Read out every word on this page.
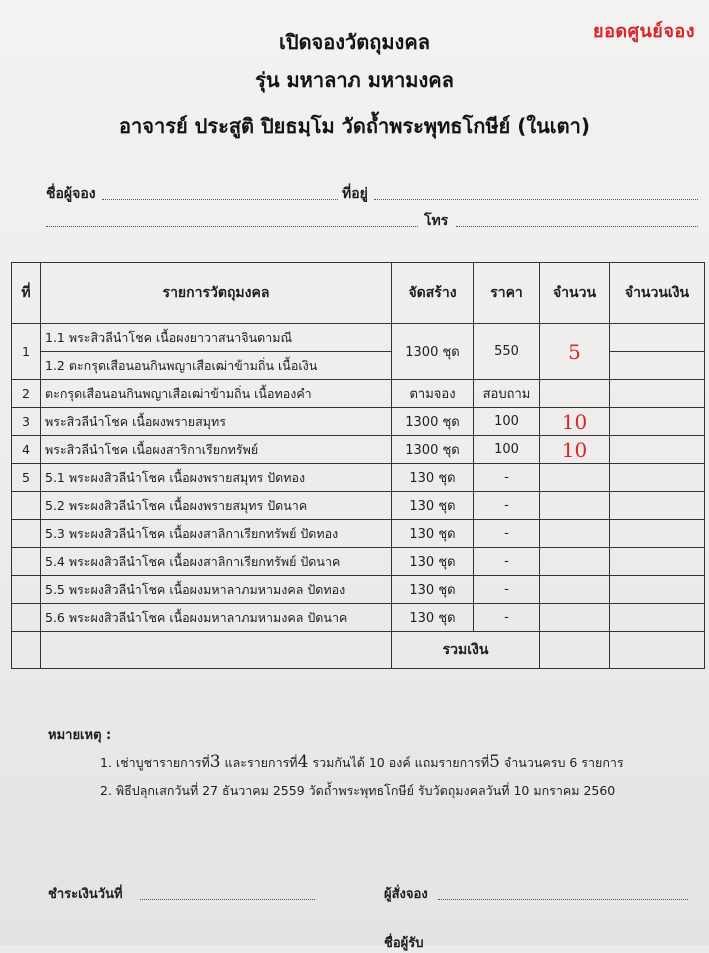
ยอดศูนย์จอง
เปิดจองวัตถุมงคล
รุ่น มหาลาภ มหามงคล
อาจารย์ ประสูติ ปิยธมฺโม วัดถ้ำพระพุทธโกษีย์ (ในเตา)
ชื่อผู้จอง	ที่อยู่
โทร
ที่	รายการวัตถุมงคล	จัดสร้าง	ราคา	จำนวน	จำนวนเงิน
1	1.1 พระสิวลีนำโชค เนื้อผงยาวาสนาจินดามณี	1300 ชุด	550	5	
	1.2 ตะกรุดเสือนอนกินพญาเสือเฒ่าข้ามถิ่น เนื้อเงิน				
2	ตะกรุดเสือนอนกินพญาเสือเฒ่าข้ามถิ่น เนื้อทองคำ	ตามจอง	สอบถาม		
3	พระสิวลีนำโชค เนื้อผงพรายสมุทร	1300 ชุด	100	10	
4	พระสิวลีนำโชค เนื้อผงสาริกาเรียกทรัพย์	1300 ชุด	100	10	
5	5.1 พระผงสิวลีนำโชค เนื้อผงพรายสมุทร ปัดทอง	130 ชุด	-		
	5.2 พระผงสิวลีนำโชค เนื้อผงพรายสมุทร ปัดนาค	130 ชุด	-		
	5.3 พระผงสิวลีนำโชค เนื้อผงสาลิกาเรียกทรัพย์ ปัดทอง	130 ชุด	-		
	5.4 พระผงสิวลีนำโชค เนื้อผงสาลิกาเรียกทรัพย์ ปัดนาค	130 ชุด	-		
	5.5 พระผงสิวลีนำโชค เนื้อผงมหาลาภมหามงคล ปัดทอง	130 ชุด	-		
	5.6 พระผงสิวลีนำโชค เนื้อผงมหาลาภมหามงคล ปัดนาค	130 ชุด	-		
		รวมเงิน			
หมายเหตุ :
1. เช่าบูชารายการที่3 และรายการที่4 รวมกันได้ 10 องค์ แถมรายการที่5 จำนวนครบ 6 รายการ
2. พิธีปลุกเสกวันที่ 27 ธันวาคม 2559 วัดถ้ำพระพุทธโกษีย์ รับวัตถุมงคลวันที่ 10 มกราคม 2560
ชำระเงินวันที่	ผู้สั่งจอง
ชื่อผู้รับ
